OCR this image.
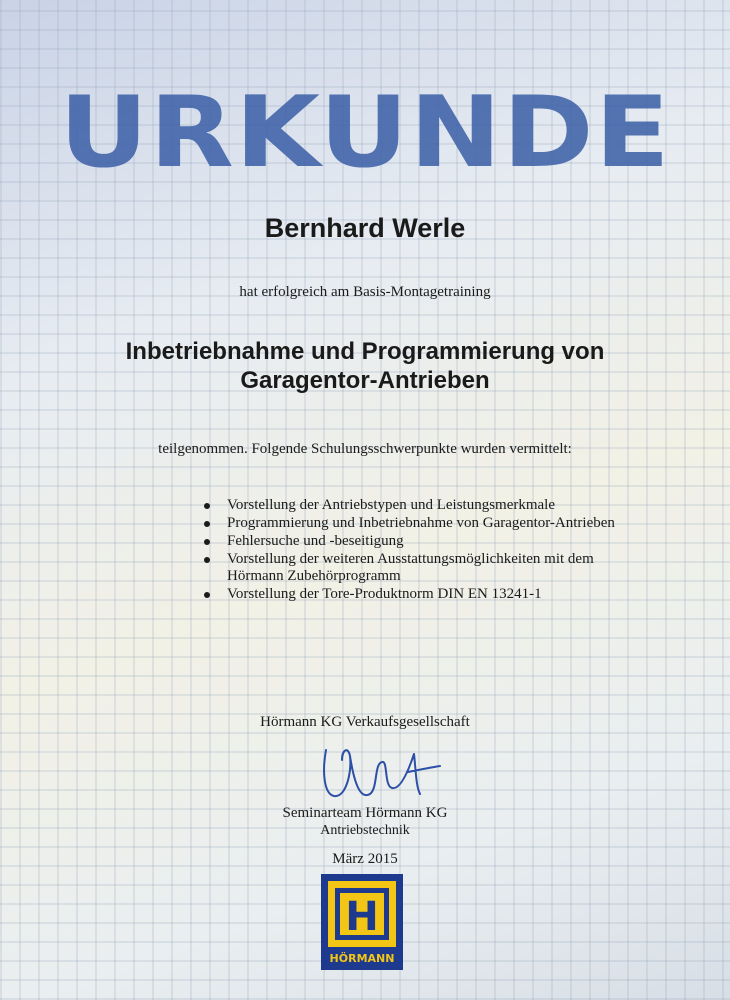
URKUNDE
Bernhard Werle
hat erfolgreich am Basis-Montagetraining
Inbetriebnahme und Programmierung von
Garagentor-Antrieben
teilgenommen. Folgende Schulungsschwerpunkte wurden vermittelt:
Vorstellung der Antriebstypen und Leistungsmerkmale
Programmierung und Inbetriebnahme von Garagentor-Antrieben
Fehlersuche und -beseitigung
Vorstellung der weiteren Ausstattungsmöglichkeiten mit dem Hörmann Zubehörprogramm
Vorstellung der Tore-Produktnorm DIN EN 13241-1
Hörmann KG Verkaufsgesellschaft
Seminarteam Hörmann KG
Antriebstechnik
März 2015
H
HÖRMANN
